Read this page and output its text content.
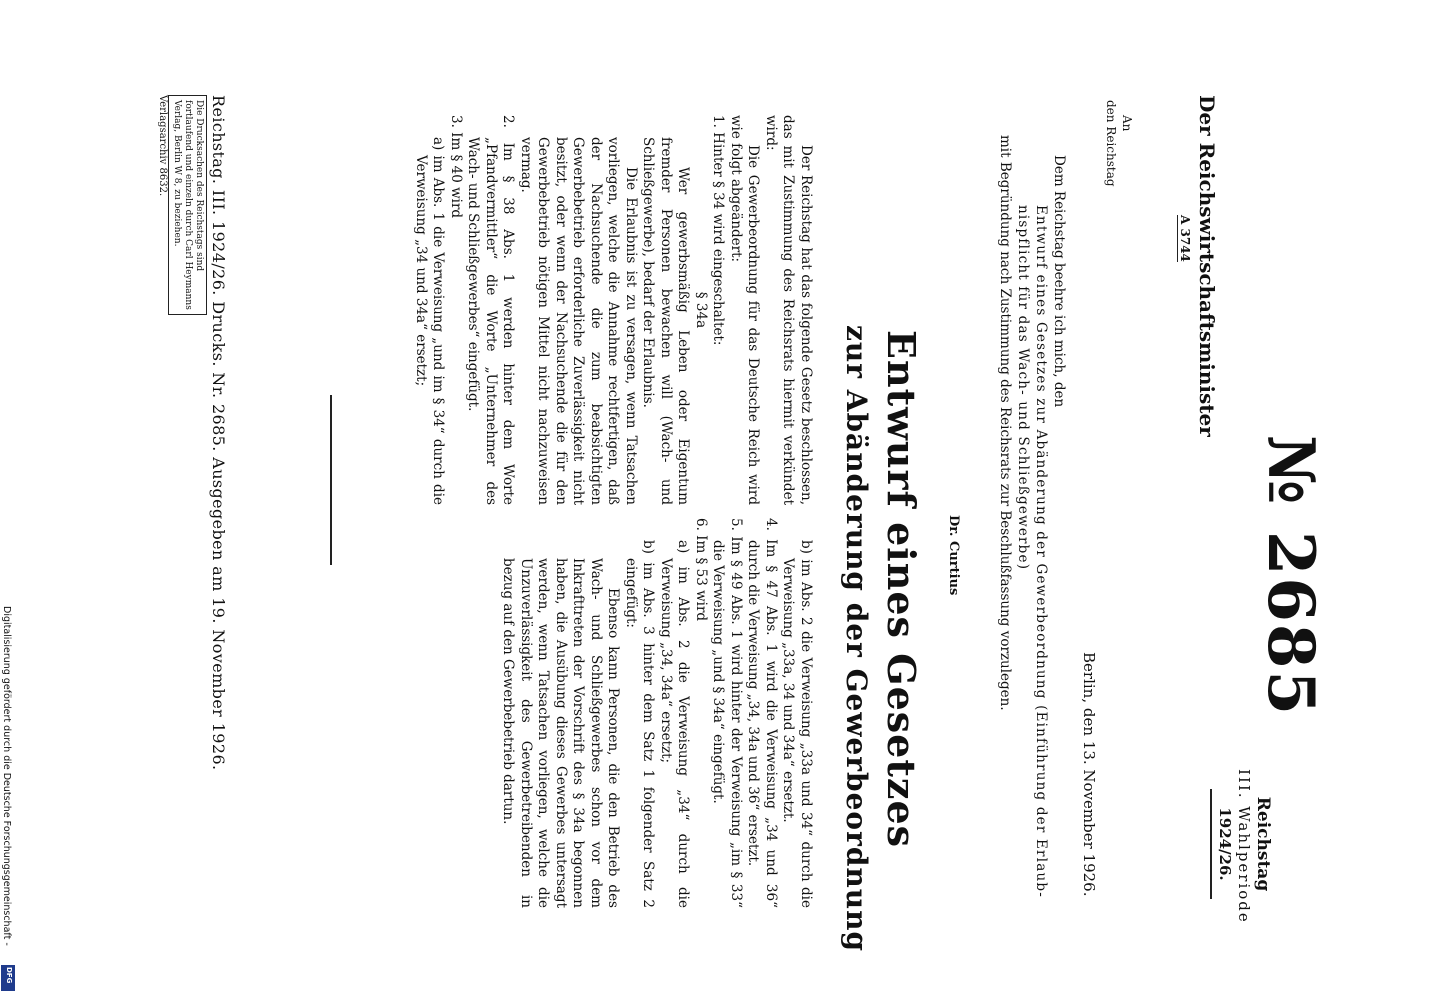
№ 2685
Reichstag
III. Wahlperiode
1924/26.
Der Reichswirtschaftsminister
A 3744
An
den Reichstag
Berlin, den 13. November 1926.
Dem Reichstag beehre ich mich, den
Entwurf eines Gesetzes zur Abänderung der Gewerbeordnung (Einführung der Erlaub-
nispflicht für das Wach- und Schließgewerbe)
mit Begründung nach Zustimmung des Reichsrats zur Beschlußfassung vorzulegen.
Dr. Curtius
Entwurf eines Gesetzes
zur Abänderung der Gewerbeordnung

Der Reichstag hat das folgende Gesetz beschlossen, das mit Zustimmung des Reichsrats hiermit verkündet wird:

Die Gewerbeordnung für das Deutsche Reich wird wie folgt abgeändert:

1. Hinter § 34 wird eingeschaltet:

§ 34a

Wer gewerbsmäßig Leben oder Eigentum fremder Personen bewachen will (Wach- und Schließgewerbe), bedarf der Erlaubnis.

Die Erlaubnis ist zu versagen, wenn Tatsachen vorliegen, welche die Annahme rechtfertigen, daß der Nachsuchende die zum beabsichtigten Gewerbebetrieb erforderliche Zuverlässigkeit nicht besitzt, oder wenn der Nachsuchende die für den Gewerbebetrieb nötigen Mittel nicht nachzuweisen vermag.

2. Im § 38 Abs. 1 werden hinter dem Worte „Pfandvermittler“ die Worte „Unternehmer des Wach- und Schließgewerbes“ eingefügt.

3. Im § 40 wird

a) im Abs. 1 die Verweisung „und im § 34“ durch die Verweisung „34 und 34a“ ersetzt;

b) im Abs. 2 die Verweisung „33a und 34“ durch die Verweisung „33a, 34 und 34a“ ersetzt.

4. Im § 47 Abs. 1 wird die Verweisung „34 und 36“ durch die Verweisung „34, 34a und 36“ ersetzt.

5. Im § 49 Abs. 1 wird hinter der Verweisung „im § 33“ die Verweisung „und § 34a“ eingefügt.

6. Im § 53 wird

a) im Abs. 2 die Verweisung „34“ durch die Verweisung „34, 34a“ ersetzt;

b) im Abs. 3 hinter dem Satz 1 folgender Satz 2 eingefügt:

Ebenso kann Personen, die den Betrieb des Wach- und Schließgewerbes schon vor dem Inkrafttreten der Vorschrift des § 34a begonnen haben, die Ausübung dieses Gewerbes untersagt werden, wenn Tatsachen vorliegen, welche die Unzuverlässigkeit des Gewerbetreibenden in bezug auf den Gewerbebetrieb dartun.

Reichstag. III. 1924/26. Drucks. Nr. 2685. Ausgegeben am 19. November 1926.
Die Drucksachen des Reichstags sind fortlaufend und einzeln durch Carl Heymanns Verlag, Berlin W 8, zu beziehen.
Verlagsarchiv 8632.
Digitalisierung gefördert durch die Deutsche Forschungsgemeinschaft -
DFG
